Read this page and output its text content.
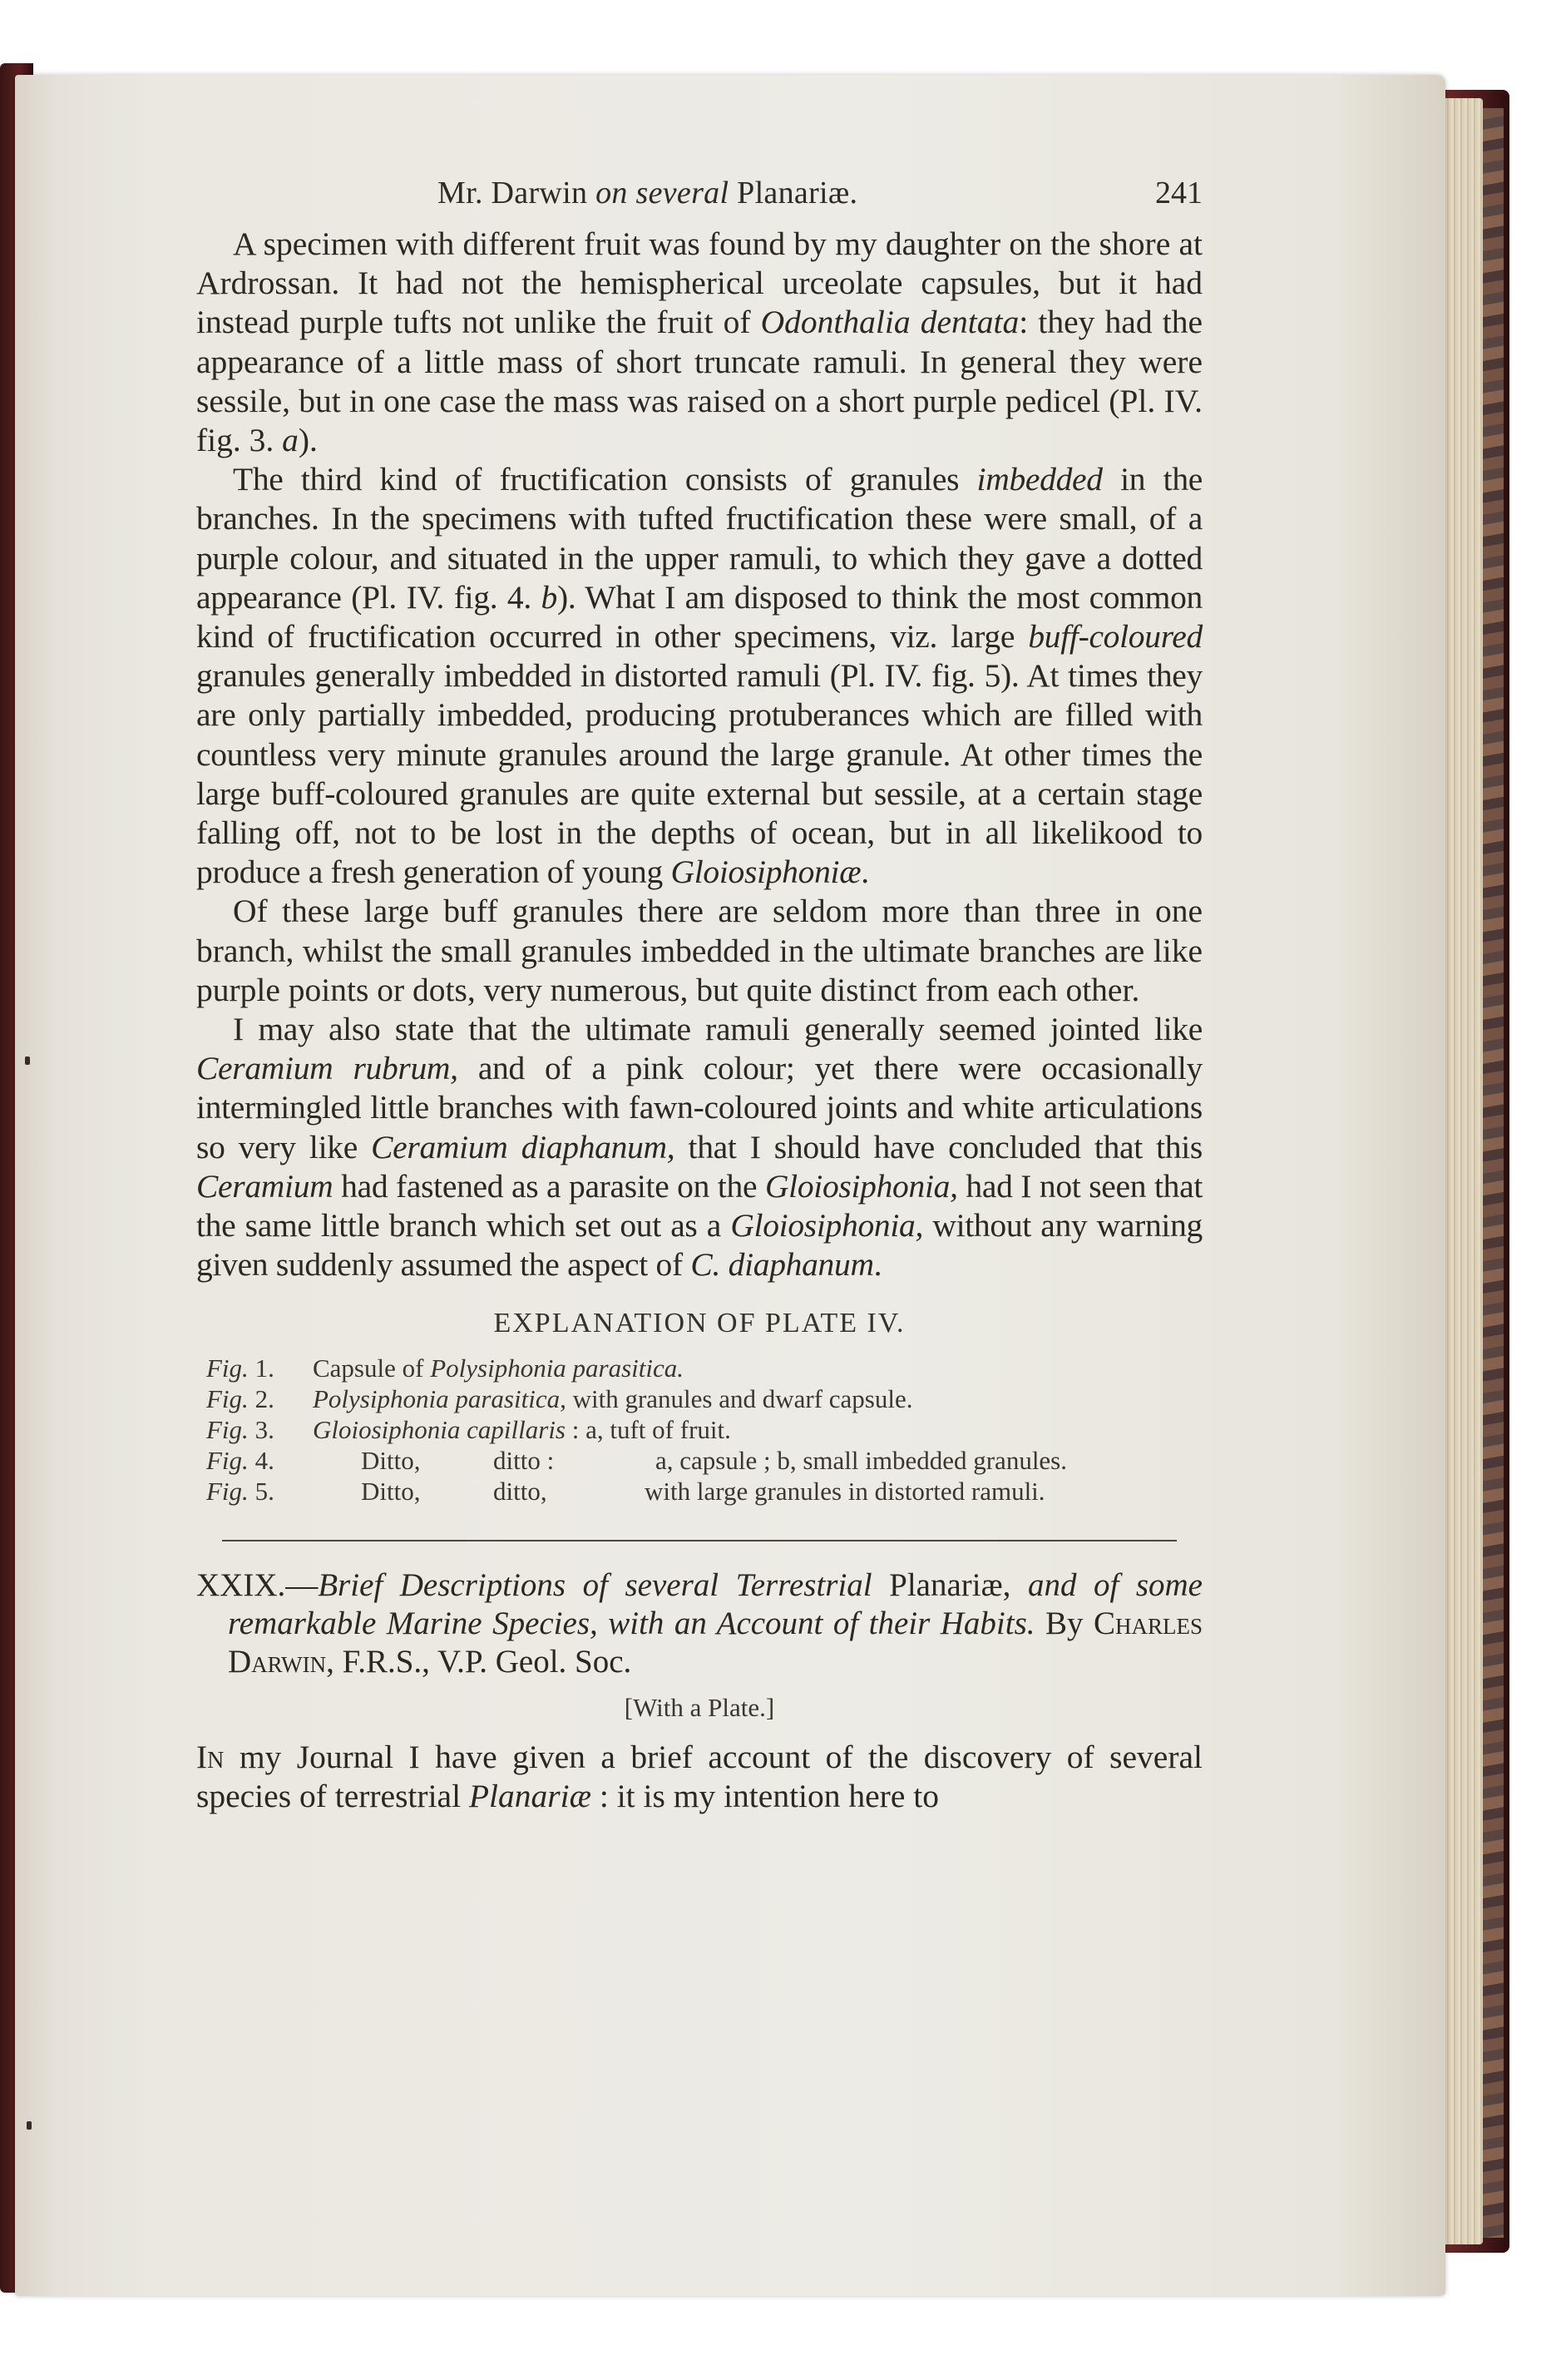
Mr. Darwin on several Planariæ.	241

A specimen with different fruit was found by my daughter on the shore at Ardrossan. It had not the hemispherical urceolate capsules, but it had instead purple tufts not unlike the fruit of Odonthalia dentata: they had the appearance of a little mass of short truncate ramuli. In general they were sessile, but in one case the mass was raised on a short purple pedicel (Pl. IV. fig. 3. a).

The third kind of fructification consists of granules imbedded in the branches. In the specimens with tufted fructification these were small, of a purple colour, and situated in the upper ramuli, to which they gave a dotted appearance (Pl. IV. fig. 4. b). What I am disposed to think the most common kind of fructification occurred in other specimens, viz. large buff-coloured granules generally imbedded in distorted ramuli (Pl. IV. fig. 5). At times they are only partially imbedded, producing protuberances which are filled with countless very minute granules around the large granule. At other times the large buff-coloured granules are quite external but sessile, at a certain stage falling off, not to be lost in the depths of ocean, but in all likelikood to produce a fresh generation of young Gloiosiphoniæ.

Of these large buff granules there are seldom more than three in one branch, whilst the small granules imbedded in the ultimate branches are like purple points or dots, very numerous, but quite distinct from each other.

I may also state that the ultimate ramuli generally seemed jointed like Ceramium rubrum, and of a pink colour; yet there were occasionally intermingled little branches with fawn-coloured joints and white articulations so very like Ceramium diaphanum, that I should have concluded that this Ceramium had fastened as a parasite on the Gloiosiphonia, had I not seen that the same little branch which set out as a Gloiosiphonia, without any warning given suddenly assumed the aspect of C. diaphanum.

EXPLANATION OF PLATE IV.
Fig. 1. Capsule of Polysiphonia parasitica.
Fig. 2. Polysiphonia parasitica, with granules and dwarf capsule.
Fig. 3. Gloiosiphonia capillaris : a, tuft of fruit.
Fig. 4.	Ditto,	ditto :	a, capsule ; b, small imbedded granules.
Fig. 5.	Ditto,	ditto,	with large granules in distorted ramuli.

XXIX.—Brief Descriptions of several Terrestrial Planariæ, and of some remarkable Marine Species, with an Account of their Habits. By Charles Darwin, F.R.S., V.P. Geol. Soc.

[With a Plate.]

In my Journal I have given a brief account of the discovery of several species of terrestrial Planariæ : it is my intention here to
